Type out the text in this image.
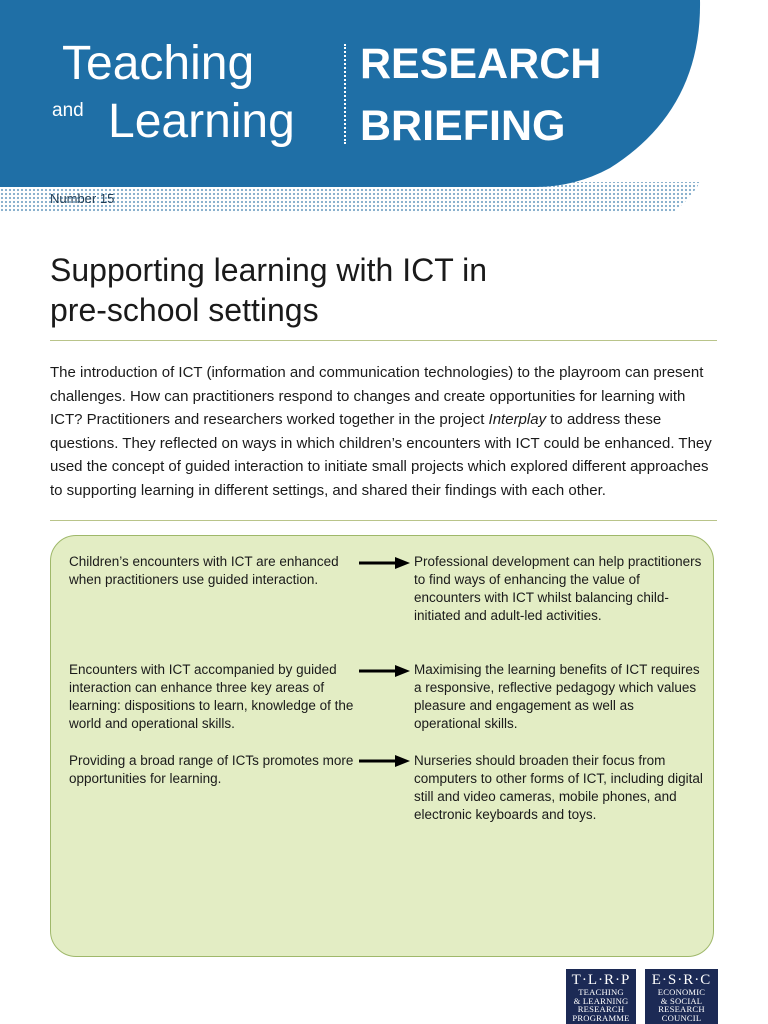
Teaching
and Learning
RESEARCH
BRIEFING
Number 15
Supporting learning with ICT in
pre-school settings

The introduction of ICT (information and communication technologies) to the playroom can present challenges. How can practitioners respond to changes and create opportunities for learning with ICT? Practitioners and researchers worked together in the project Interplay to address these questions. They reflected on ways in which children’s encounters with ICT could be enhanced. They used the concept of guided interaction to initiate small projects which explored different approaches to supporting learning in different settings, and shared their findings with each other.

Children’s encounters with ICT are enhanced when practitioners use guided interaction.
Professional development can help practitioners to find ways of enhancing the value of encounters with ICT whilst balancing child-initiated and adult-led activities.
Encounters with ICT accompanied by guided interaction can enhance three key areas of learning: dispositions to learn, knowledge of the world and operational skills.
Maximising the learning benefits of ICT requires a responsive, reflective pedagogy which values pleasure and engagement as well as operational skills.
Providing a broad range of ICTs promotes more opportunities for learning.
Nurseries should broaden their focus from computers to other forms of ICT, including digital still and video cameras, mobile phones, and electronic keyboards and toys.
T·L·R·P
TEACHING
& LEARNING
RESEARCH
PROGRAMME
E·S·R·C
ECONOMIC
& SOCIAL
RESEARCH
COUNCIL
